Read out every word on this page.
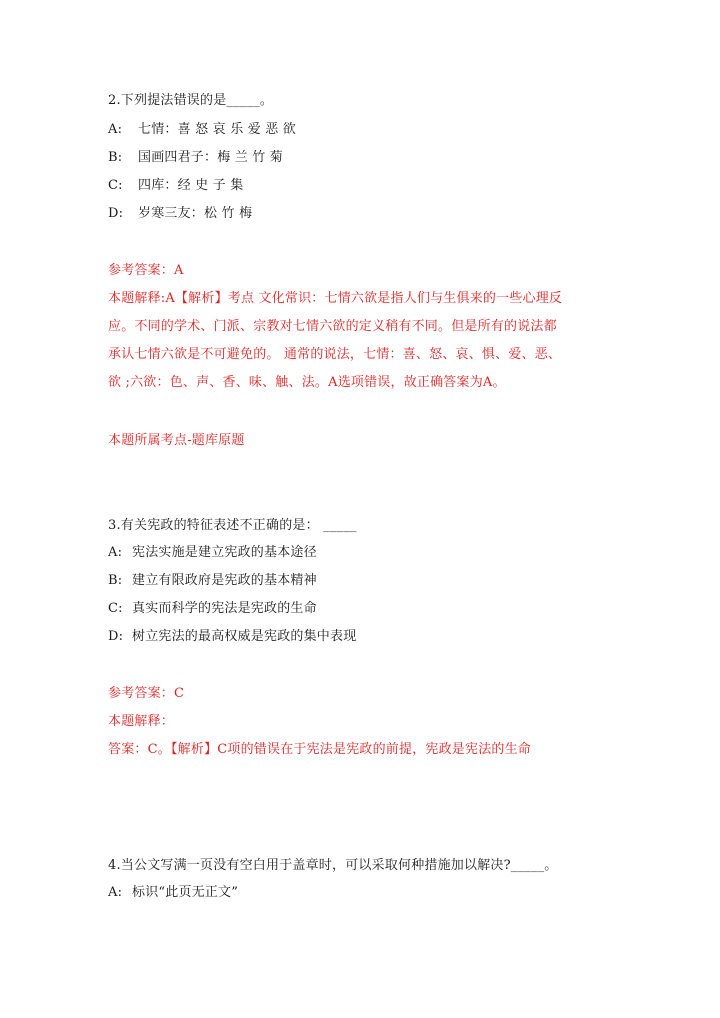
2.下列提法错误的是_____。
A: 七情：喜 怒 哀 乐 爱 恶 欲
B: 国画四君子：梅 兰 竹 菊
C: 四库：经 史 子 集
D: 岁寒三友：松 竹 梅
参考答案：A
本题解释:A【解析】考点 文化常识：七情六欲是指人们与生俱来的一些心理反
应。不同的学术、门派、宗教对七情六欲的定义稍有不同。但是所有的说法都
承认七情六欲是不可避免的。 通常的说法，七情：喜、怒、哀、惧、爱、恶、
欲 ;六欲：色、声、香、味、触、法。A选项错误，故正确答案为A。
本题所属考点-题库原题
3.有关宪政的特征表述不正确的是： _____
A: 宪法实施是建立宪政的基本途径
B: 建立有限政府是宪政的基本精神
C: 真实而科学的宪法是宪政的生命
D: 树立宪法的最高权威是宪政的集中表现
参考答案：C
本题解释：
答案：C。【解析】C项的错误在于宪法是宪政的前提，宪政是宪法的生命
4.当公文写满一页没有空白用于盖章时，可以采取何种措施加以解决?_____。
A: 标识“此页无正文”
